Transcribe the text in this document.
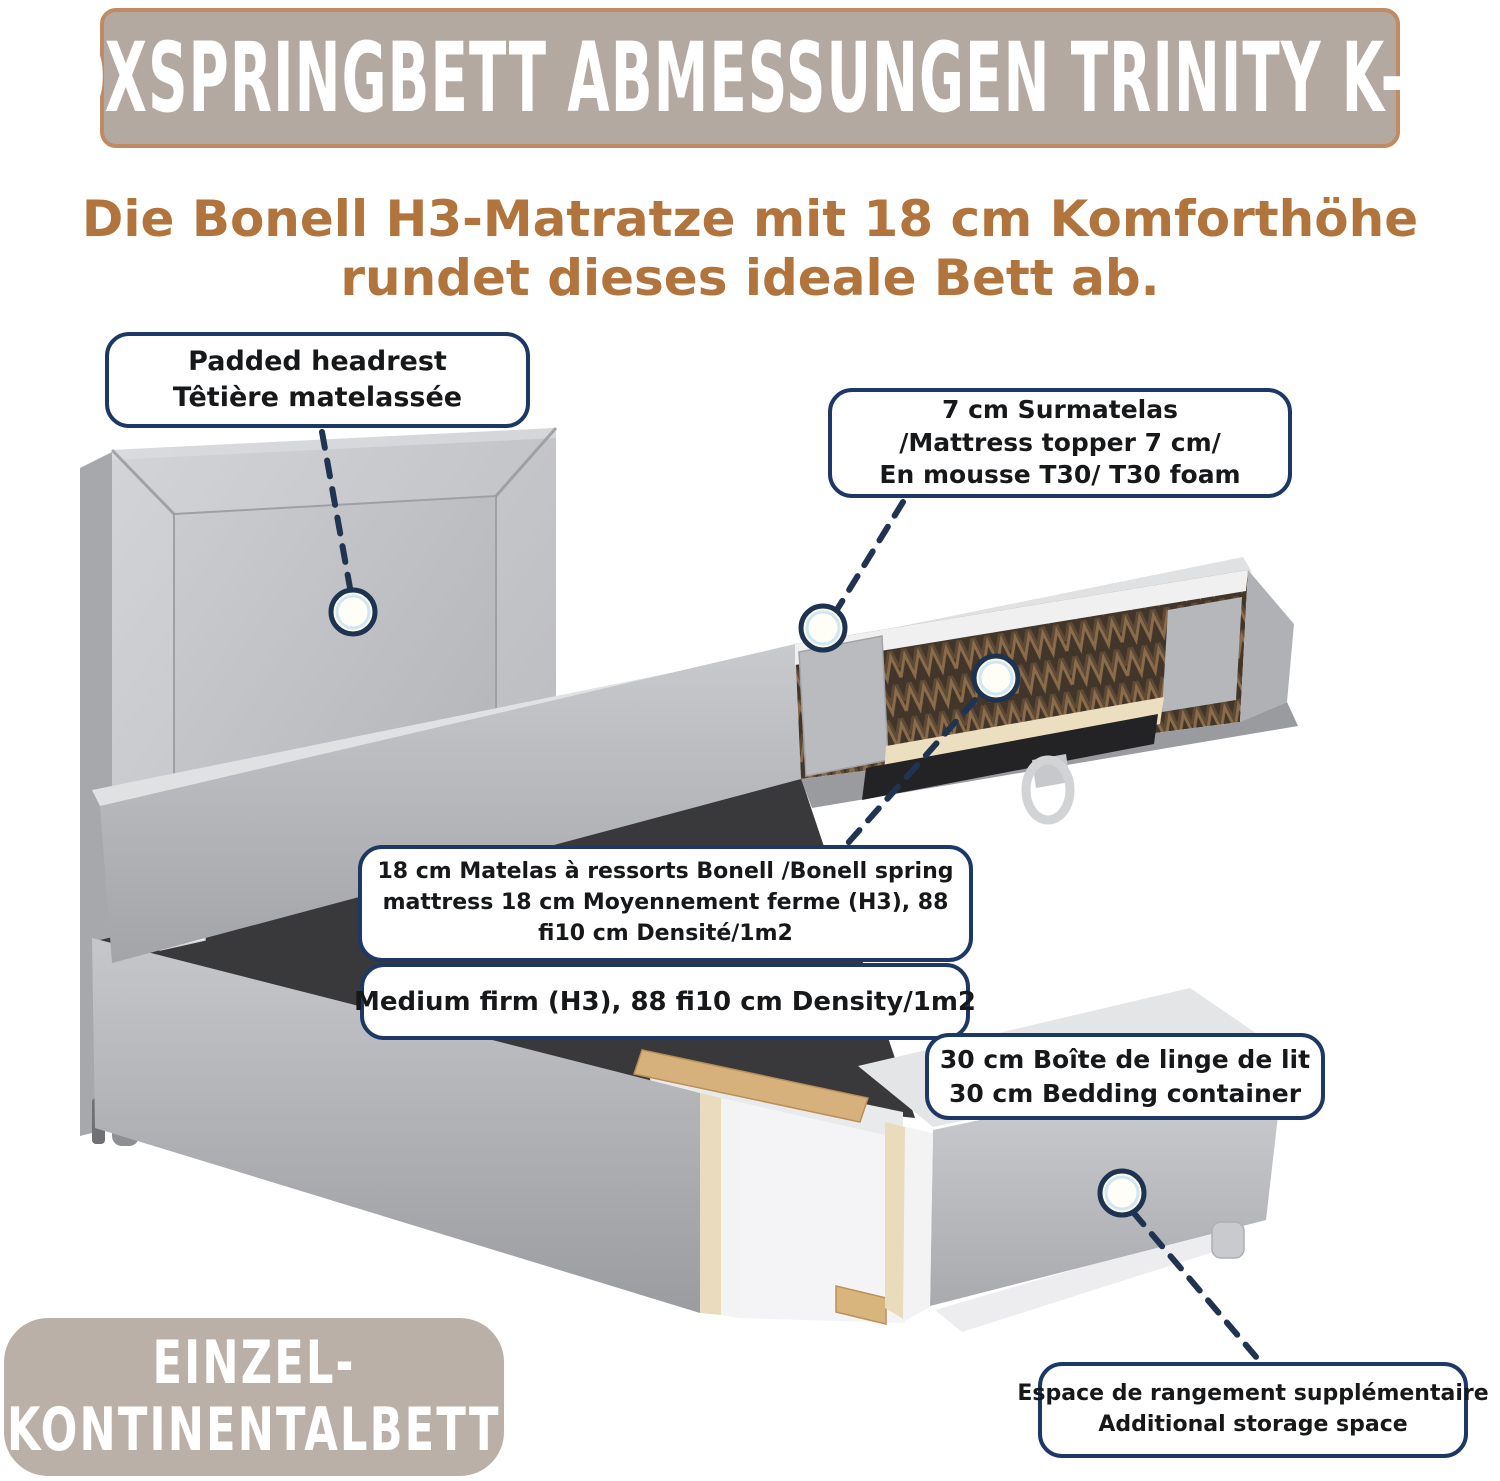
BOXSPRINGBETT ABMESSUNGEN TRINITY K-10
Die Bonell H3-Matratze mit 18 cm Komforthöhe
rundet dieses ideale Bett ab.
Padded headrest
Têtière matelassée	7 cm Surmatelas
/Mattress topper 7 cm/
En mousse T30/ T30 foam
18 cm Matelas à ressorts Bonell /Bonell spring
mattress 18 cm Moyennement ferme (H3), 88
fi10 cm Densité/1m2
Medium firm (H3), 88 fi10 cm Density/1m2
30 cm Boîte de linge de lit
30 cm Bedding container
Espace de rangement supplémentaire
Additional storage space
EINZEL-
KONTINENTALBETT
